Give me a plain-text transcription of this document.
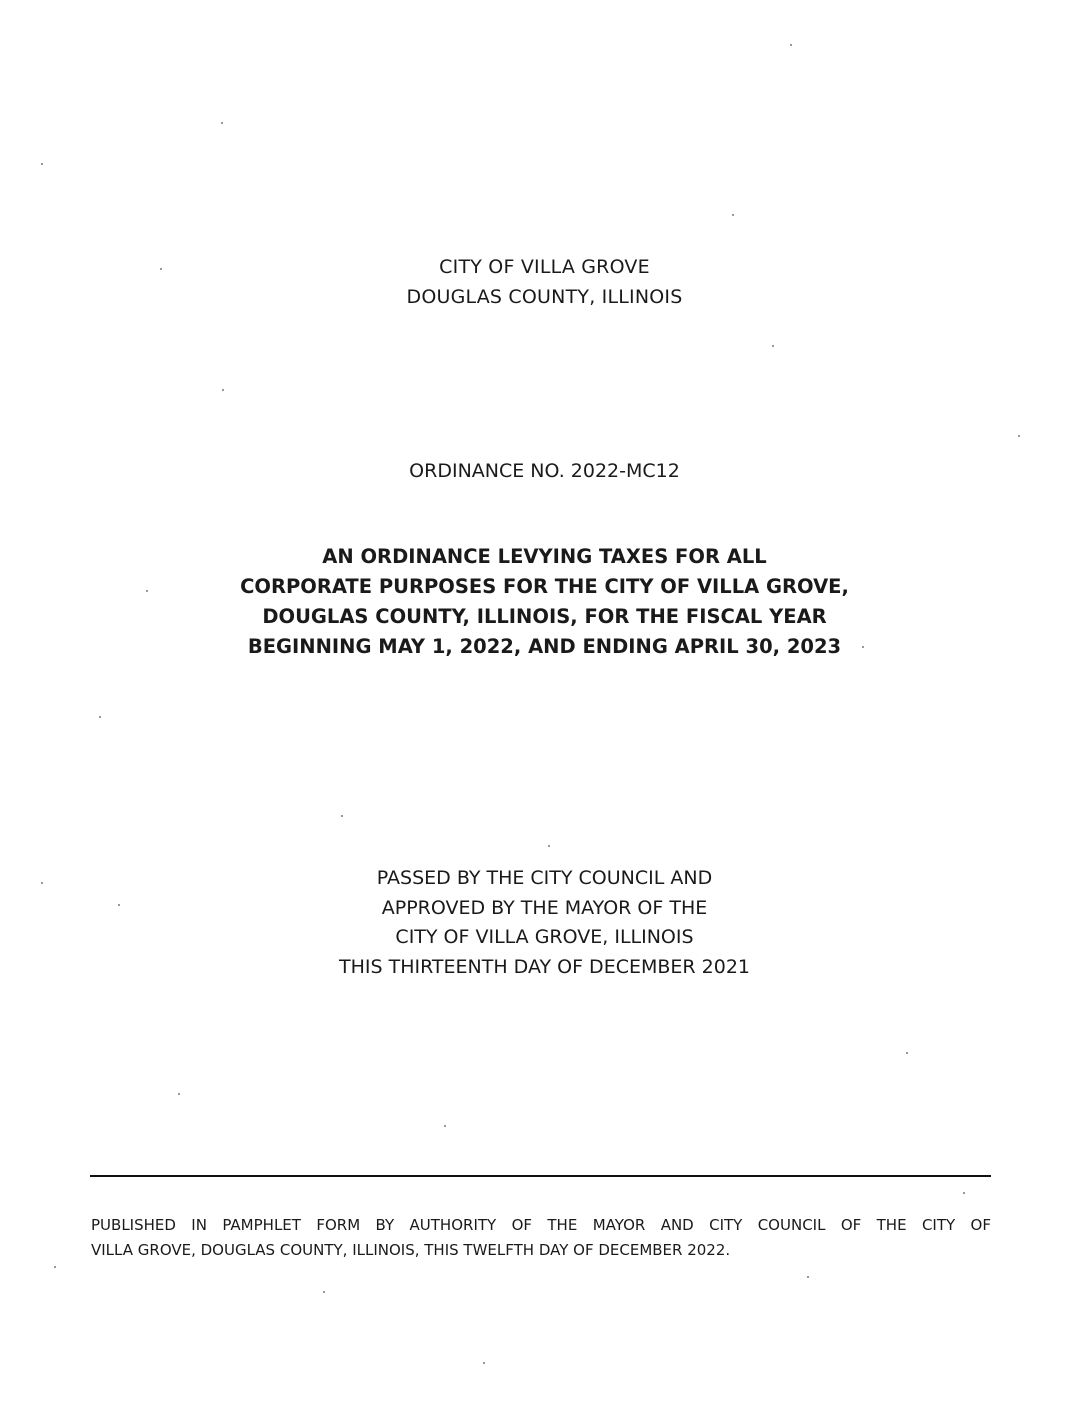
CITY OF VILLA GROVE
DOUGLAS COUNTY, ILLINOIS
ORDINANCE NO. 2022-MC12
AN ORDINANCE LEVYING TAXES FOR ALL
CORPORATE PURPOSES FOR THE CITY OF VILLA GROVE,
DOUGLAS COUNTY, ILLINOIS, FOR THE FISCAL YEAR
BEGINNING MAY 1, 2022, AND ENDING APRIL 30, 2023
PASSED BY THE CITY COUNCIL AND
APPROVED BY THE MAYOR OF THE
CITY OF VILLA GROVE, ILLINOIS
THIS THIRTEENTH DAY OF DECEMBER 2021
PUBLISHED IN PAMPHLET FORM BY AUTHORITY OF THE MAYOR AND CITY COUNCIL OF THE CITY OF
VILLA GROVE, DOUGLAS COUNTY, ILLINOIS, THIS TWELFTH DAY OF DECEMBER 2022.
